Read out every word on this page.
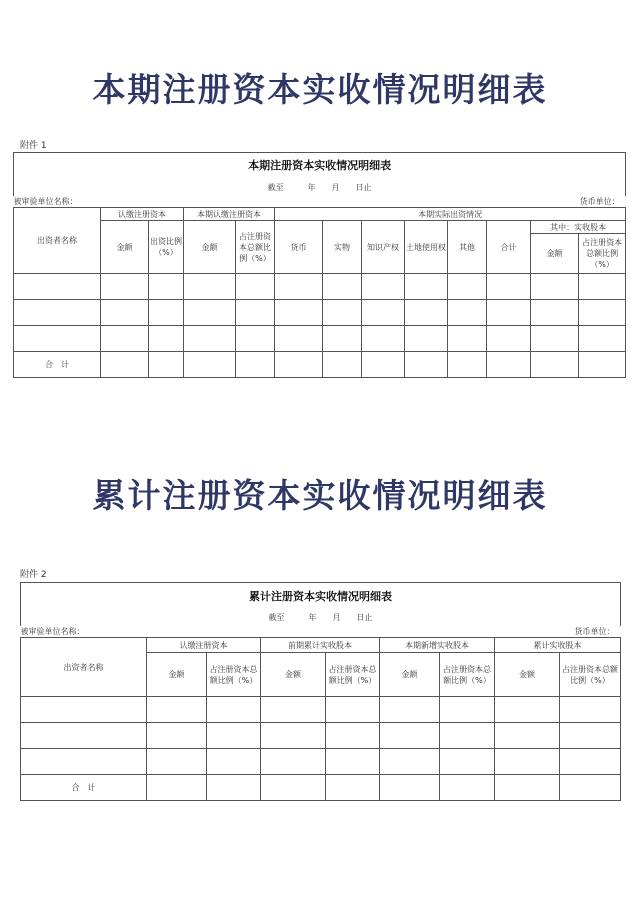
本期注册资本实收情况明细表
累计注册资本实收情况明细表
附件 1
本期注册资本实收情况明细表												
截至　　　年　　月　　日止												
被审验单位名称：						货币单位：						
出资者名称	认缴注册资本		本期认缴注册资本		本期实际出资情况							
	金额	出资比例（%）	金额	占注册资本总额比例（%）	货币	实物	知识产权	土地使用权	其他	合计	其中：实收股本	
											金额	占注册资本总额比例（%）

合　计												
附件 2
累计注册资本实收情况明细表								
截至　　　年　　月　　日止								
被审验单位名称：					货币单位：			
出资者名称	认缴注册资本		前期累计实收股本		本期新增实收股本		累计实收股本	
	金额	占注册资本总额比例（%）	金额	占注册资本总额比例（%）	金额	占注册资本总额比例（%）	金额	占注册资本总额比例（%）

合　计								
